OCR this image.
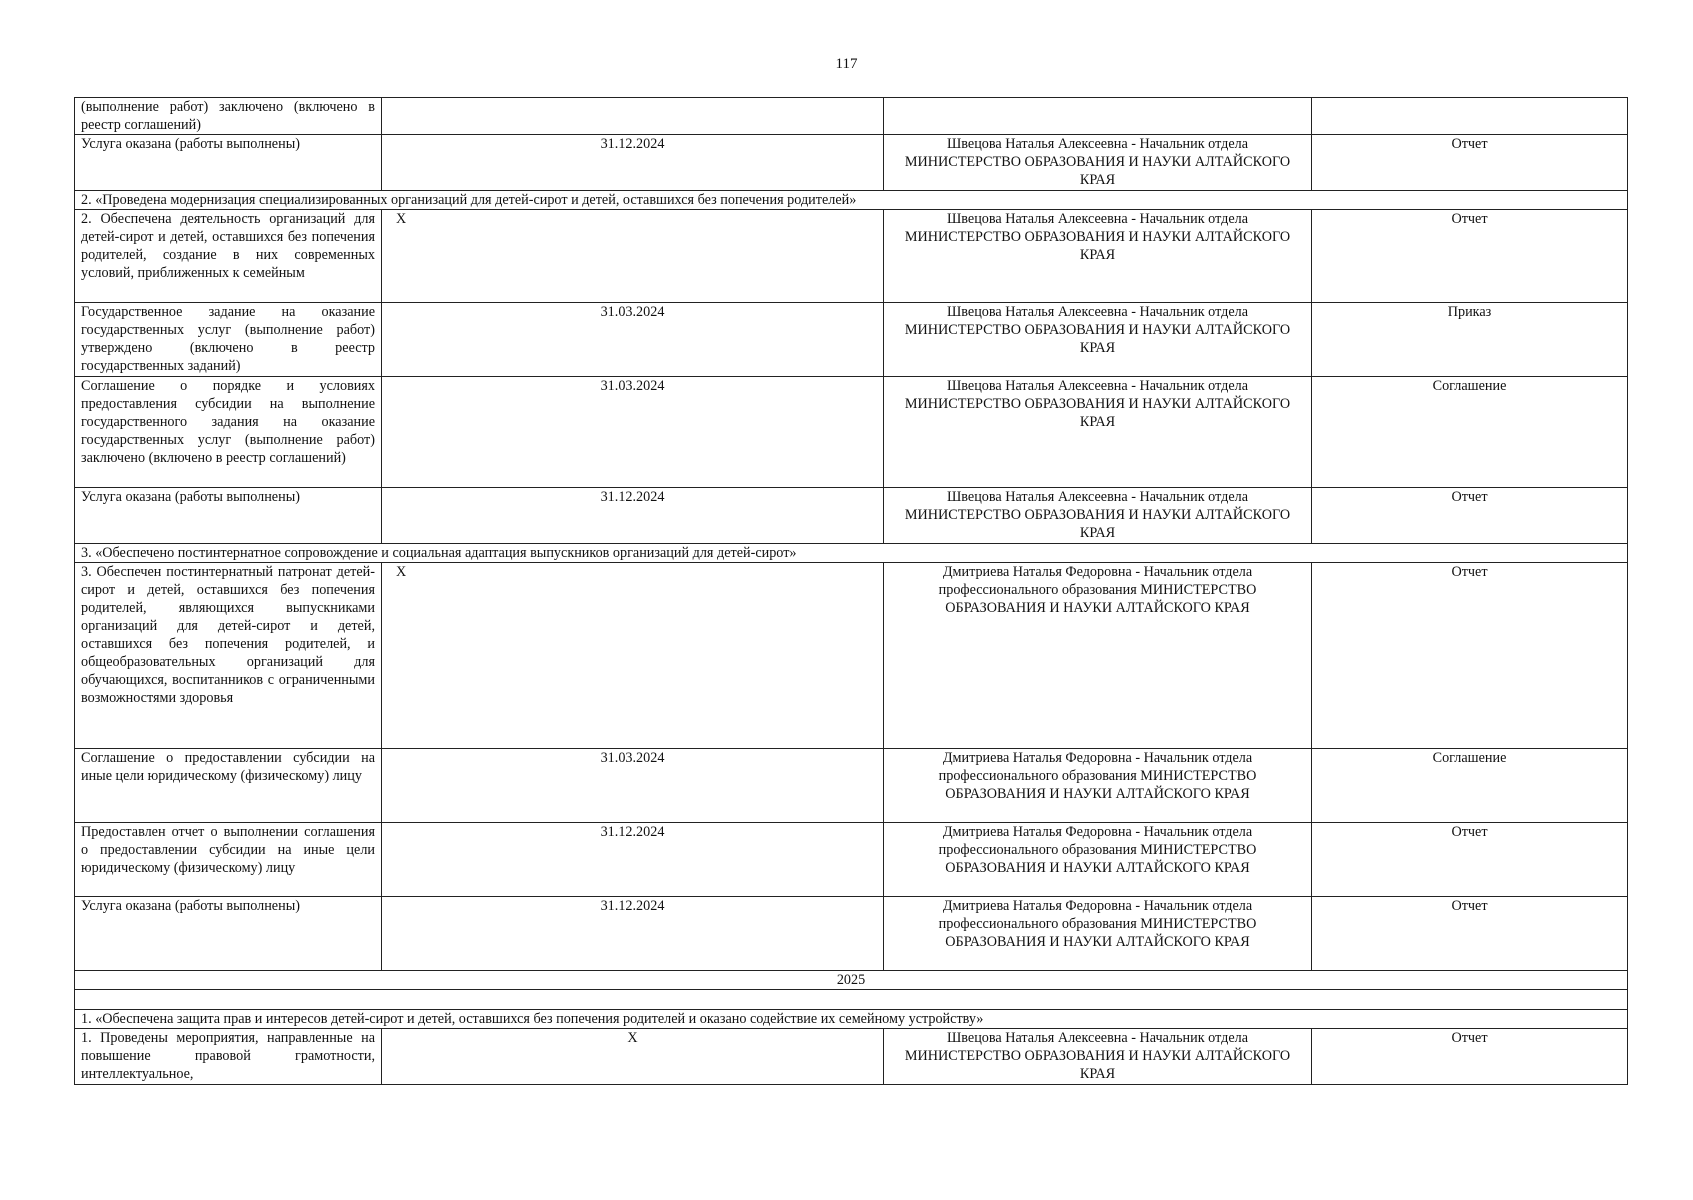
117
(выполнение работ) заключено (включено в реестр соглашений)			
Услуга оказана (работы выполнены)	31.12.2024	Швецова Наталья Алексеевна - Начальник отдела МИНИСТЕРСТВО ОБРАЗОВАНИЯ И НАУКИ АЛТАЙСКОГО КРАЯ	Отчет
2. «Проведена модернизация специализированных организаций для детей-сирот и детей, оставшихся без попечения родителей»			
2. Обеспечена деятельность организаций для детей-сирот и детей, оставшихся без попечения родителей, создание в них современных условий, приближенных к семейным	X	Швецова Наталья Алексеевна - Начальник отдела МИНИСТЕРСТВО ОБРАЗОВАНИЯ И НАУКИ АЛТАЙСКОГО КРАЯ	Отчет
Государственное задание на оказание государственных услуг (выполнение работ) утверждено (включено в реестр государственных заданий)	31.03.2024	Швецова Наталья Алексеевна - Начальник отдела МИНИСТЕРСТВО ОБРАЗОВАНИЯ И НАУКИ АЛТАЙСКОГО КРАЯ	Приказ
Соглашение о порядке и условиях предоставления субсидии на выполнение государственного задания на оказание государственных услуг (выполнение работ) заключено (включено в реестр соглашений)	31.03.2024	Швецова Наталья Алексеевна - Начальник отдела МИНИСТЕРСТВО ОБРАЗОВАНИЯ И НАУКИ АЛТАЙСКОГО КРАЯ	Соглашение
Услуга оказана (работы выполнены)	31.12.2024	Швецова Наталья Алексеевна - Начальник отдела МИНИСТЕРСТВО ОБРАЗОВАНИЯ И НАУКИ АЛТАЙСКОГО КРАЯ	Отчет
3. «Обеспечено постинтернатное сопровождение и социальная адаптация выпускников организаций для детей-сирот»			
3. Обеспечен постинтернатный патронат детей-сирот и детей, оставшихся без попечения родителей, являющихся выпускниками организаций для детей-сирот и детей, оставшихся без попечения родителей, и общеобразовательных организаций для обучающихся, воспитанников с ограниченными возможностями здоровья	X	Дмитриева Наталья Федоровна - Начальник отдела профессионального образования МИНИСТЕРСТВО ОБРАЗОВАНИЯ И НАУКИ АЛТАЙСКОГО КРАЯ	Отчет
Соглашение о предоставлении субсидии на иные цели юридическому (физическому) лицу	31.03.2024	Дмитриева Наталья Федоровна - Начальник отдела профессионального образования МИНИСТЕРСТВО ОБРАЗОВАНИЯ И НАУКИ АЛТАЙСКОГО КРАЯ	Соглашение
Предоставлен отчет о выполнении соглашения о предоставлении субсидии на иные цели юридическому (физическому) лицу	31.12.2024	Дмитриева Наталья Федоровна - Начальник отдела профессионального образования МИНИСТЕРСТВО ОБРАЗОВАНИЯ И НАУКИ АЛТАЙСКОГО КРАЯ	Отчет
Услуга оказана (работы выполнены)	31.12.2024	Дмитриева Наталья Федоровна - Начальник отдела профессионального образования МИНИСТЕРСТВО ОБРАЗОВАНИЯ И НАУКИ АЛТАЙСКОГО КРАЯ	Отчет
2025			

1. «Обеспечена защита прав и интересов детей-сирот и детей, оставшихся без попечения родителей и оказано содействие их семейному устройству»			
1. Проведены мероприятия, направленные на повышение правовой грамотности, интеллектуальное,	X	Швецова Наталья Алексеевна - Начальник отдела МИНИСТЕРСТВО ОБРАЗОВАНИЯ И НАУКИ АЛТАЙСКОГО КРАЯ	Отчет
